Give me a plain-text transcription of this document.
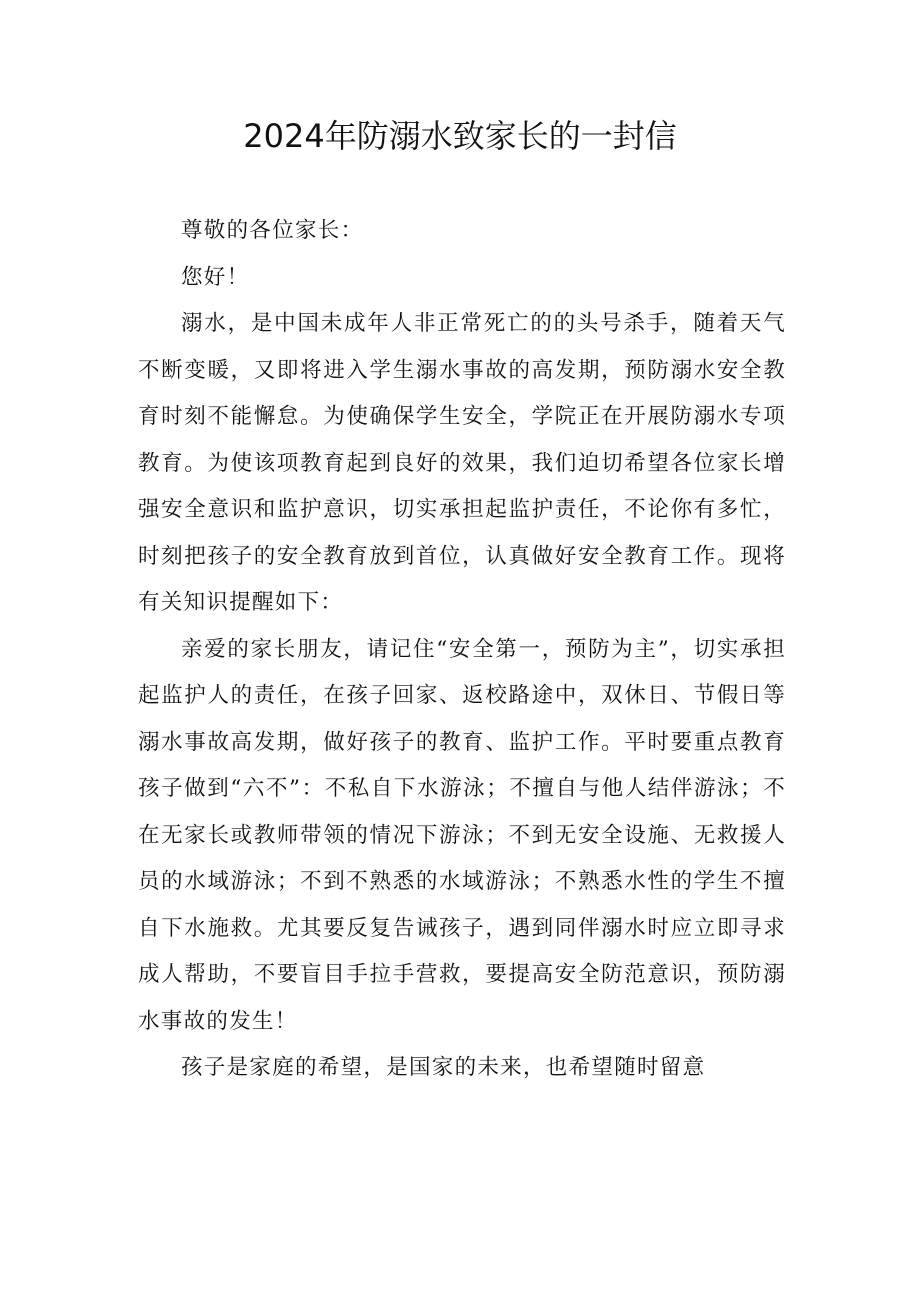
2024年防溺水致家长的一封信

尊敬的各位家长：

您好！

溺水，是中国未成年人非正常死亡的的头号杀手，随着天气不断变暖，又即将进入学生溺水事故的高发期，预防溺水安全教育时刻不能懈怠。为使确保学生安全，学院正在开展防溺水专项教育。为使该项教育起到良好的效果，我们迫切希望各位家长增强安全意识和监护意识，切实承担起监护责任，不论你有多忙，时刻把孩子的安全教育放到首位，认真做好安全教育工作。现将有关知识提醒如下：

亲爱的家长朋友，请记住“安全第一，预防为主”，切实承担起监护人的责任，在孩子回家、返校路途中，双休日、节假日等溺水事故高发期，做好孩子的教育、监护工作。平时要重点教育孩子做到“六不”：不私自下水游泳；不擅自与他人结伴游泳；不在无家长或教师带领的情况下游泳；不到无安全设施、无救援人员的水域游泳；不到不熟悉的水域游泳；不熟悉水性的学生不擅自下水施救。尤其要反复告诫孩子，遇到同伴溺水时应立即寻求成人帮助，不要盲目手拉手营救，要提高安全防范意识，预防溺水事故的发生！

孩子是家庭的希望，是国家的未来，也希望随时留意
